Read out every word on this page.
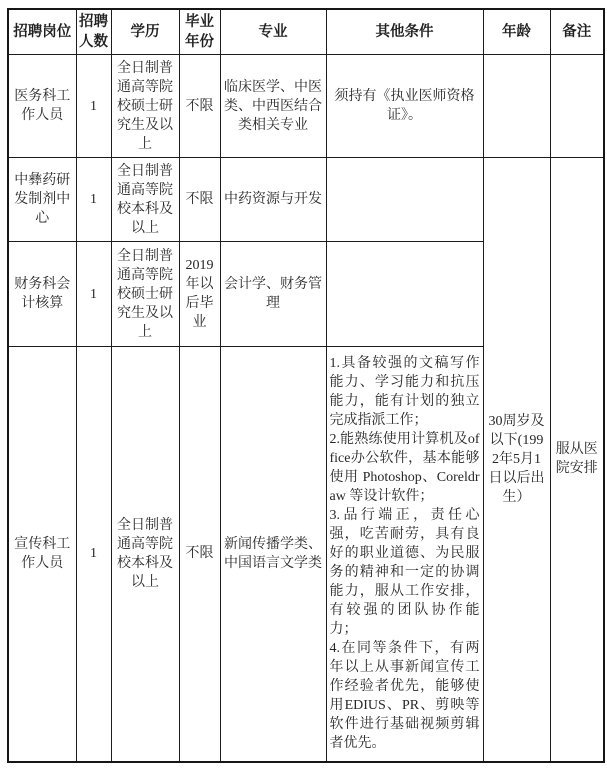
招聘岗位	招聘人数	学历	毕业年份	专业	其他条件	年龄	备注
医务科工作人员	1	全日制普通高等院校硕士研究生及以上	不限	临床医学、中医类、中西医结合类相关专业	须持有《执业医师资格证》。		
中彝药研发制剂中心	1	全日制普通高等院校本科及以上	不限	中药资源与开发		30周岁及以下(1992年5月1日以后出生）	服从医院安排
财务科会计核算	1	全日制普通高等院校硕士研究生及以上	2019年以后毕业	会计学、财务管理			
宣传科工作人员	1	全日制普通高等院校本科及以上	不限	新闻传播学类、中国语言文学类	1.具备较强的文稿写作能力、学习能力和抗压能力，能有计划的独立完成指派工作；
2.能熟练使用计算机及office办公软件，基本能够使用 Photoshop、Coreldraw 等设计软件；
3.品行端正，责任心强，吃苦耐劳，具有良好的职业道德、为民服务的精神和一定的协调能力，服从工作安排，有较强的团队协作能力；
4.在同等条件下，有两年以上从事新闻宣传工作经验者优先，能够使用EDIUS、PR、剪映等软件进行基础视频剪辑者优先。		
